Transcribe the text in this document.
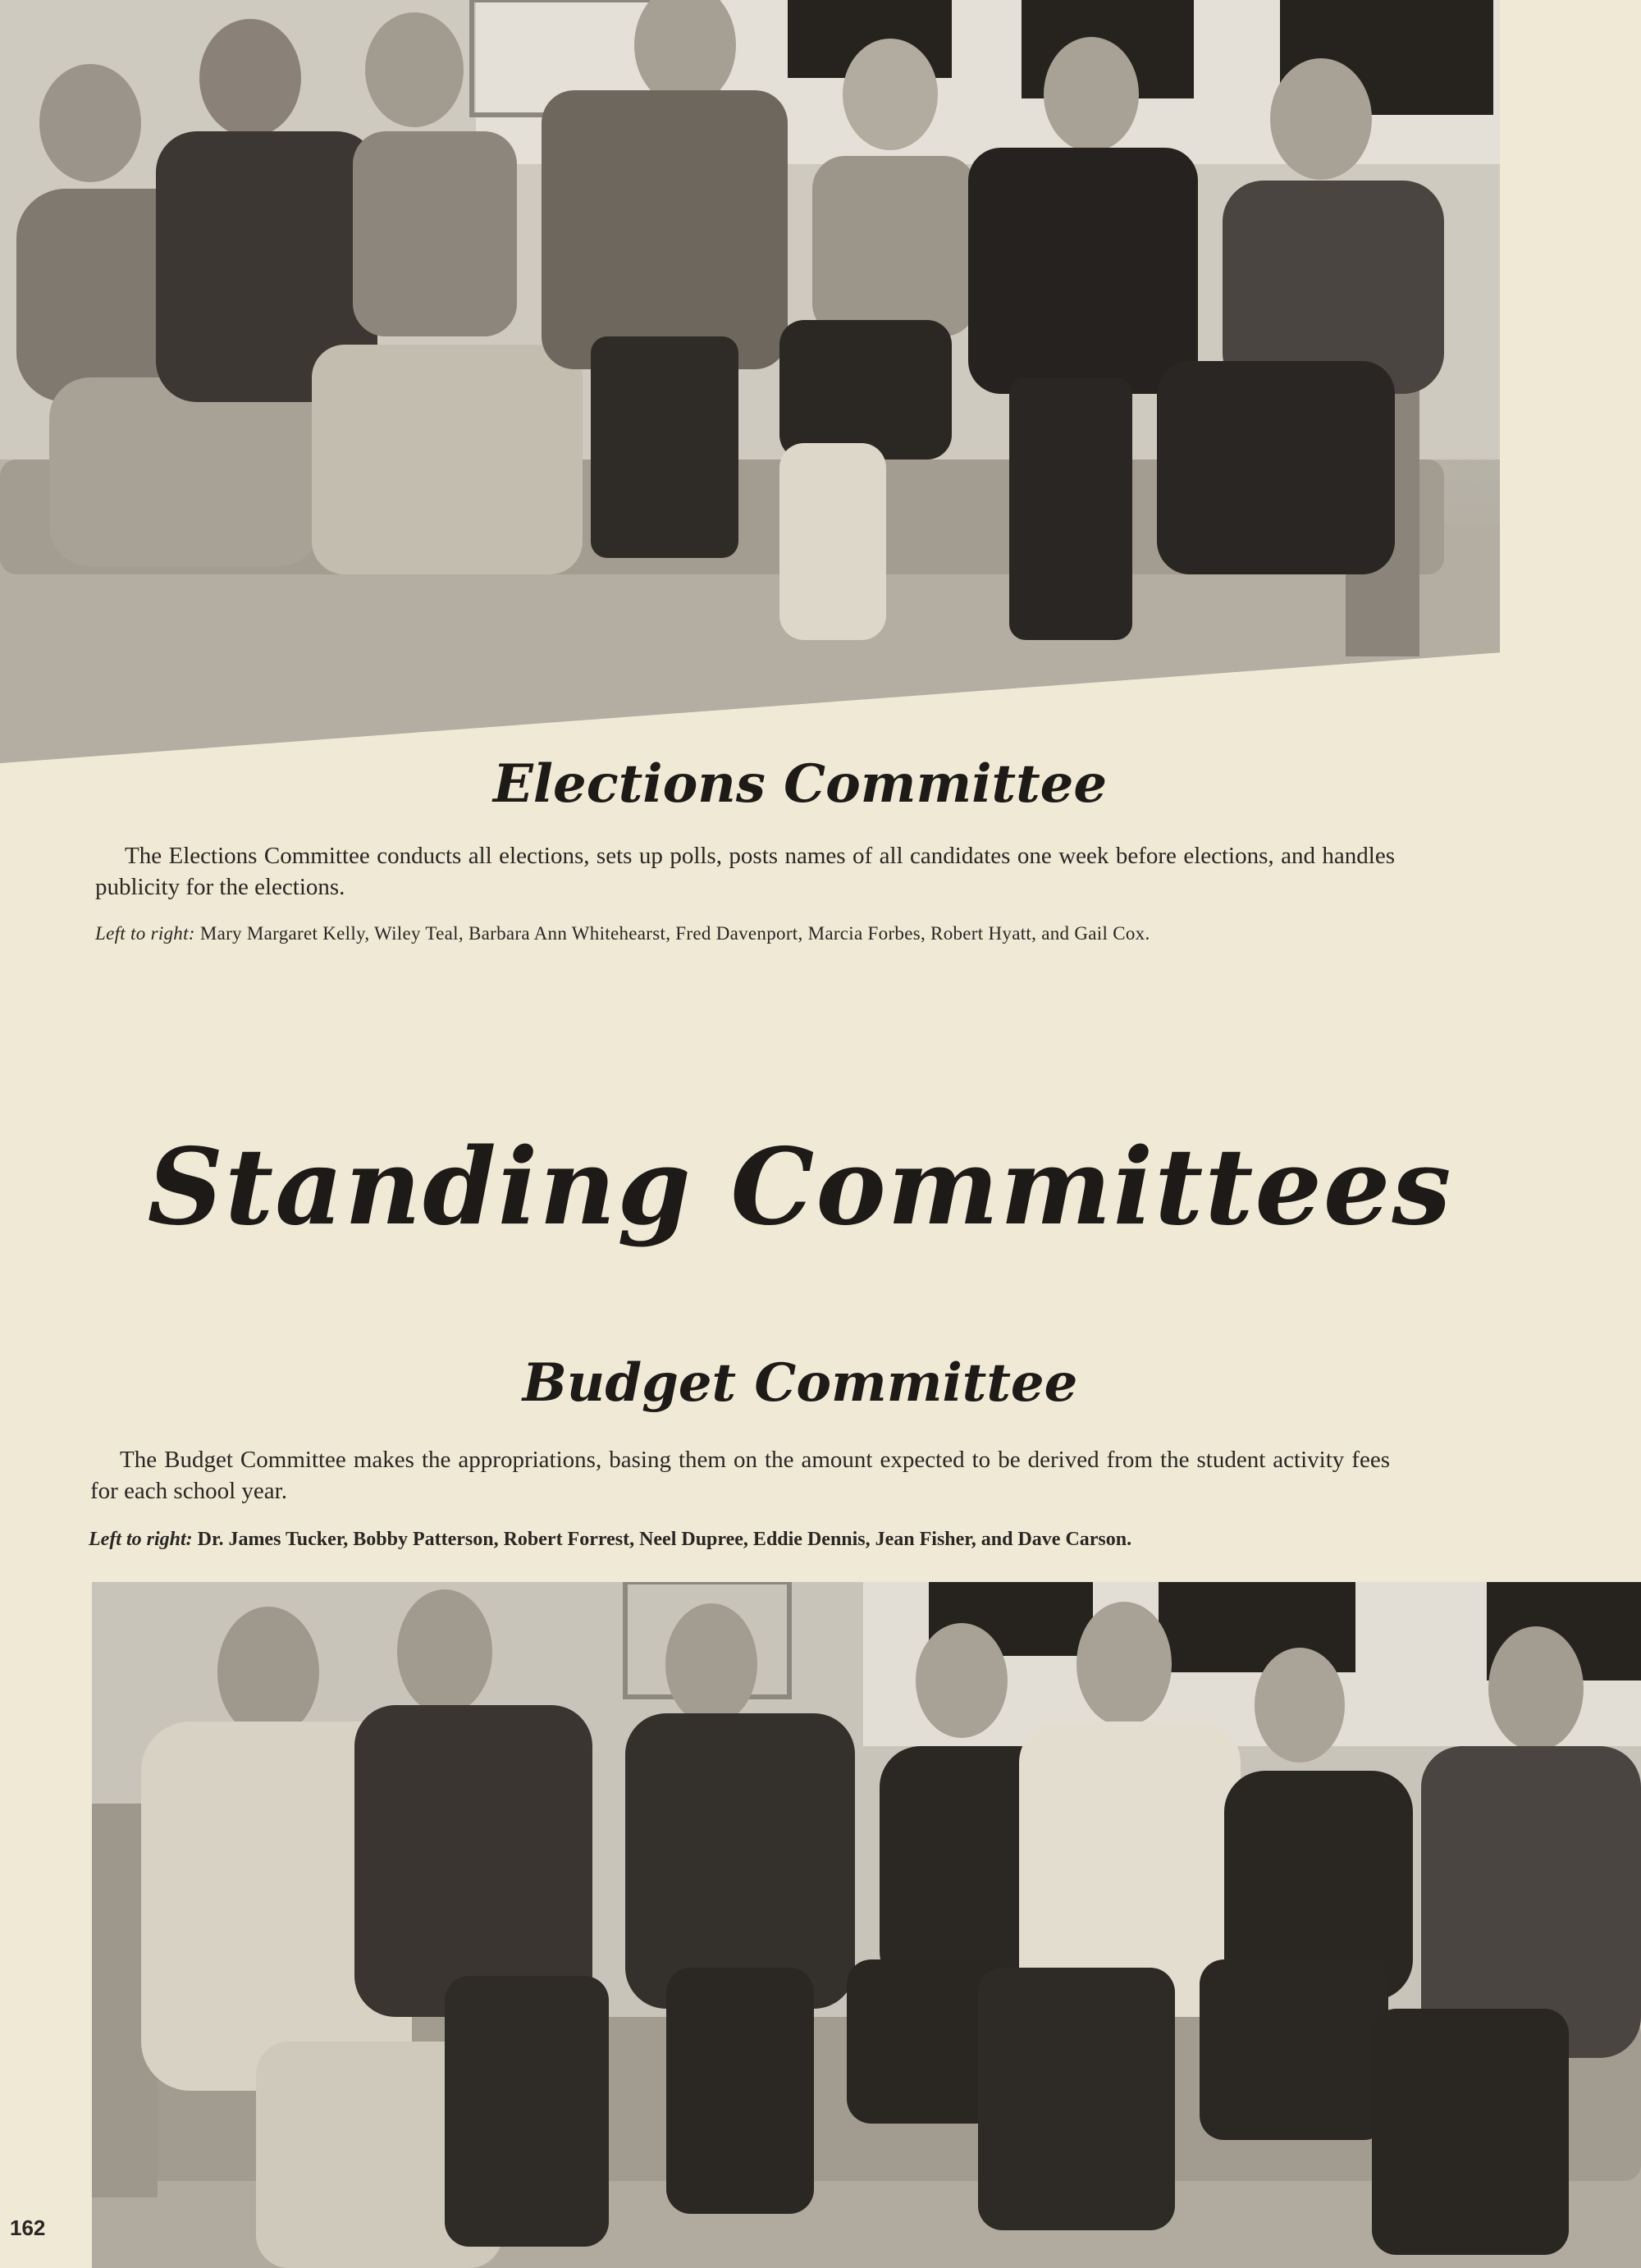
Elections Committee

The Elections Committee conducts all elections, sets up polls, posts names of all candidates one week before elections, and handles publicity for the elections.

Left to right: Mary Margaret Kelly, Wiley Teal, Barbara Ann Whitehearst, Fred Davenport, Marcia Forbes, Robert Hyatt, and Gail Cox.

Standing Committees
Budget Committee

The Budget Committee makes the appropriations, basing them on the amount expected to be derived from the student activity fees for each school year.

Left to right: Dr. James Tucker, Bobby Patterson, Robert Forrest, Neel Dupree, Eddie Dennis, Jean Fisher, and Dave Carson.

162
